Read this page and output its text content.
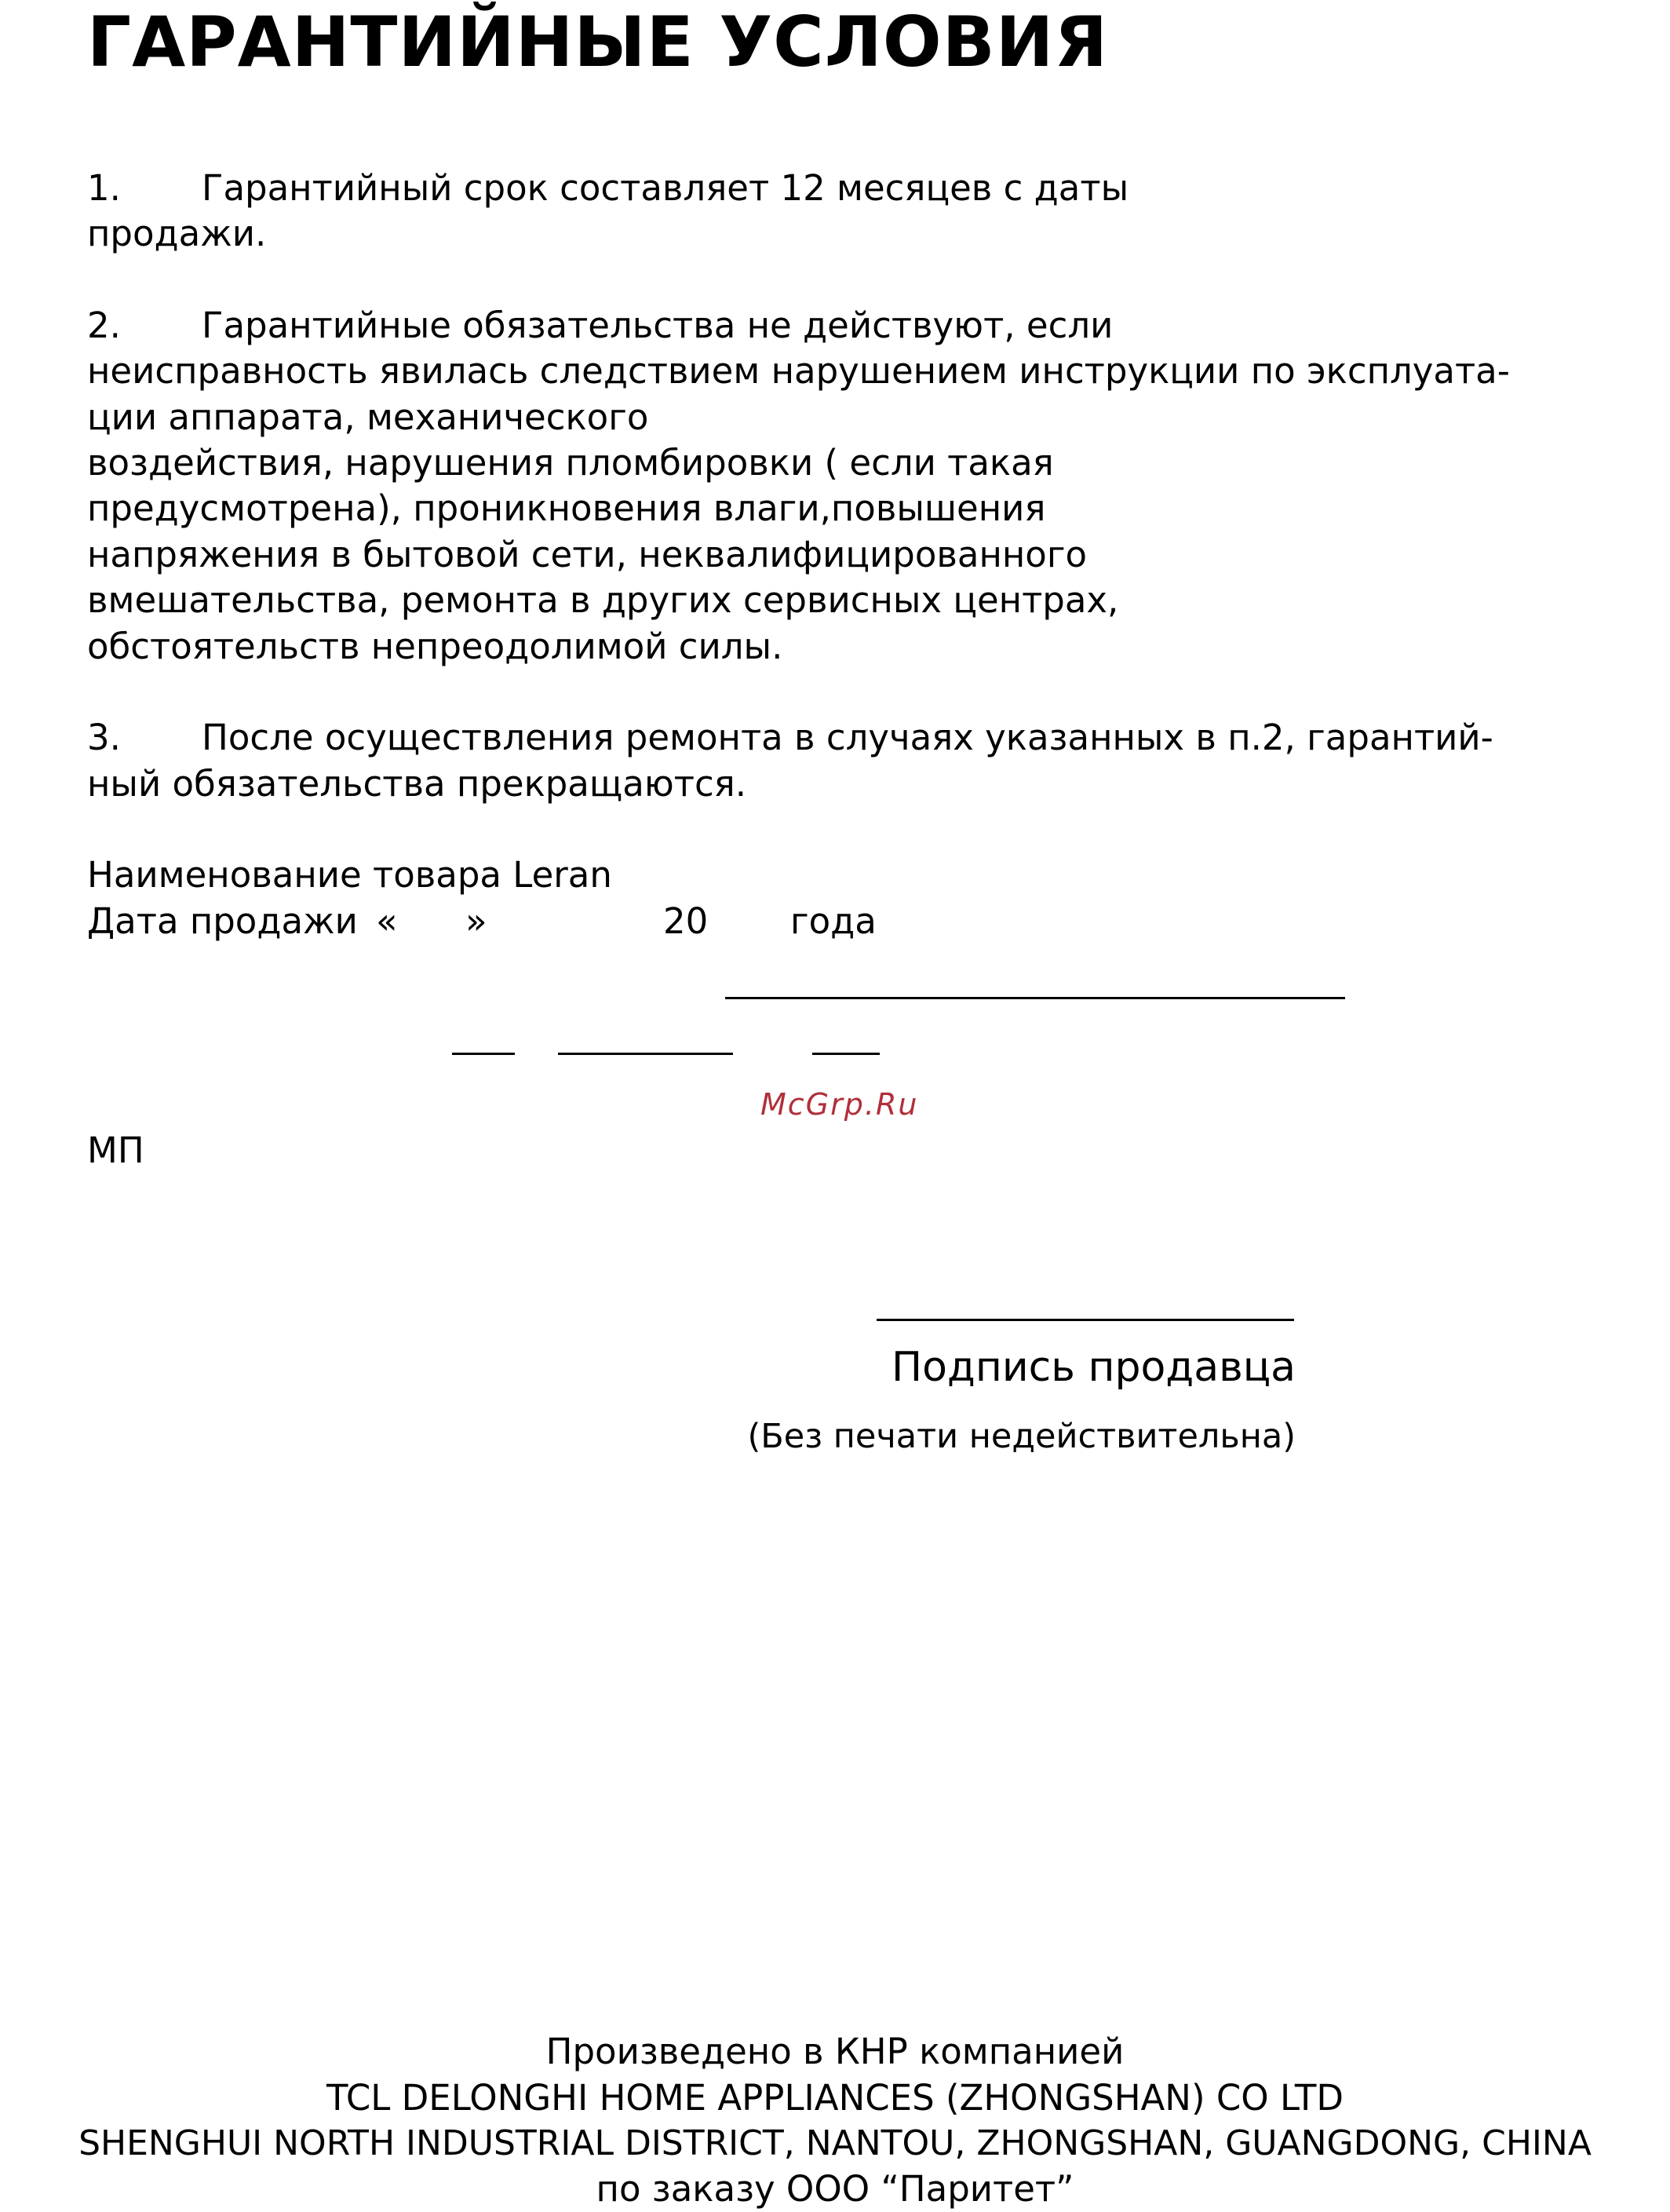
ГАРАНТИЙНЫЕ УСЛОВИЯ
1. Гарантийный срок составляет 12 месяцев с даты
продажи.
2. Гарантийные обязательства не действуют, если
неисправность явилась следствием нарушением инструкции по эксплуата-
ции аппарата, механического
воздействия, нарушения пломбировки ( если такая
предусмотрена), проникновения влаги,повышения
напряжения в бытовой сети, неквалифицированного
вмешательства, ремонта в других сервисных центрах,
обстоятельств непреодолимой силы.
3. После осуществления ремонта в случаях указанных в п.2, гарантий-
ный обязательства прекращаются.
Наименование товара Leran
Дата продажи « »	20 года
McGrp.Ru
МП
Подпись продавца
(Без печати недействительна)
Произведено в КНР компанией
TCL DELONGHI HOME APPLIANCES (ZHONGSHAN) CO LTD
SHENGHUI NORTH INDUSTRIAL DISTRICT, NANTOU, ZHONGSHAN, GUANGDONG, CHINA
по заказу ООО “Паритет”
